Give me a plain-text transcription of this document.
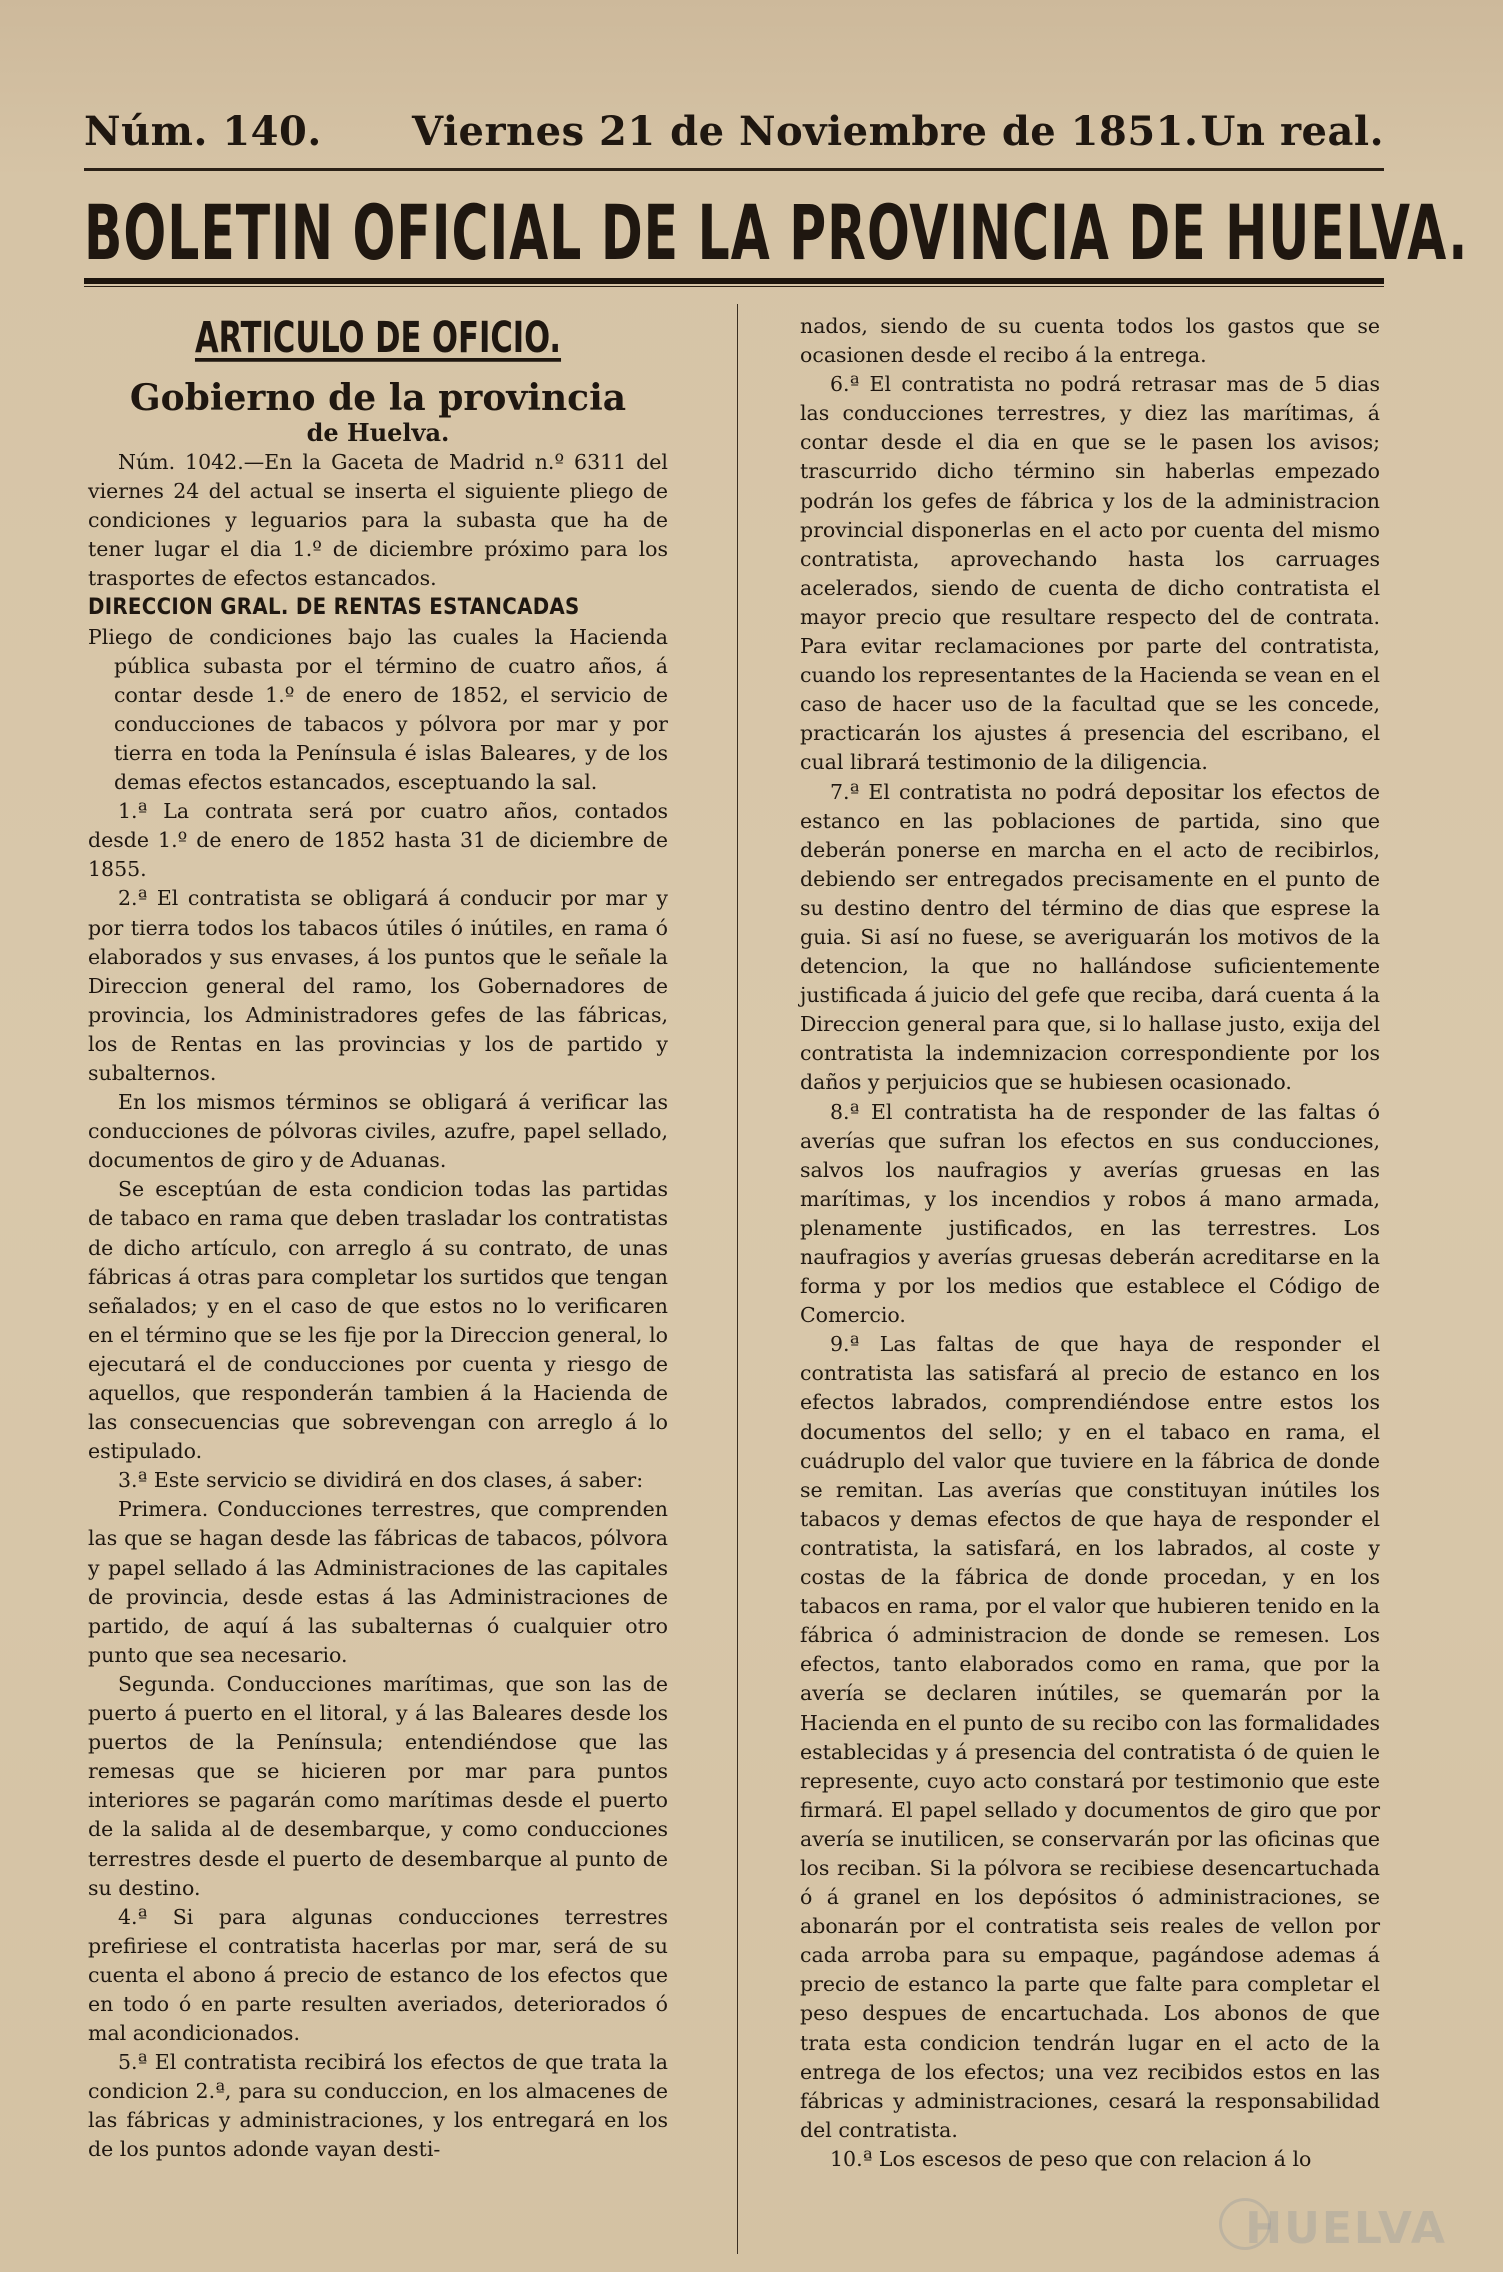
Núm. 140. Viernes 21 de Noviembre de 1851. Un real.
BOLETIN OFICIAL DE LA PROVINCIA DE HUELVA.

ARTICULO DE OFICIO.

Gobierno de la provincia

de Huelva.

Núm. 1042.—En la Gaceta de Madrid n.º 6311 del viernes 24 del actual se inserta el siguiente pliego de condiciones y leguarios para la subasta que ha de tener lugar el dia 1.º de diciembre próximo para los trasportes de efectos estancados.

DIRECCION GRAL. DE RENTAS ESTANCADAS

Pliego de condiciones bajo las cuales la Hacienda pública subasta por el término de cuatro años, á contar desde 1.º de enero de 1852, el servicio de conducciones de tabacos y pólvora por mar y por tierra en toda la Península é islas Baleares, y de los demas efectos estancados, esceptuando la sal.

1.ª La contrata será por cuatro años, contados desde 1.º de enero de 1852 hasta 31 de diciembre de 1855.

2.ª El contratista se obligará á conducir por mar y por tierra todos los tabacos útiles ó inútiles, en rama ó elaborados y sus envases, á los puntos que le señale la Direccion general del ramo, los Gobernadores de provincia, los Administradores gefes de las fábricas, los de Rentas en las provincias y los de partido y subalternos.

En los mismos términos se obligará á verificar las conducciones de pólvoras civiles, azufre, papel sellado, documentos de giro y de Aduanas.

Se esceptúan de esta condicion todas las partidas de tabaco en rama que deben trasladar los contratistas de dicho artículo, con arreglo á su contrato, de unas fábricas á otras para completar los surtidos que tengan señalados; y en el caso de que estos no lo verificaren en el término que se les fije por la Direccion general, lo ejecutará el de conducciones por cuenta y riesgo de aquellos, que responderán tambien á la Hacienda de las consecuencias que sobrevengan con arreglo á lo estipulado.

3.ª Este servicio se dividirá en dos clases, á saber:

Primera. Conducciones terrestres, que comprenden las que se hagan desde las fábricas de tabacos, pólvora y papel sellado á las Administraciones de las capitales de provincia, desde estas á las Administraciones de partido, de aquí á las subalternas ó cualquier otro punto que sea necesario.

Segunda. Conducciones marítimas, que son las de puerto á puerto en el litoral, y á las Baleares desde los puertos de la Península; entendiéndose que las remesas que se hicieren por mar para puntos interiores se pagarán como marítimas desde el puerto de la salida al de desembarque, y como conducciones terrestres desde el puerto de desembarque al punto de su destino.

4.ª Si para algunas conducciones terrestres prefiriese el contratista hacerlas por mar, será de su cuenta el abono á precio de estanco de los efectos que en todo ó en parte resulten averiados, deteriorados ó mal acondicionados.

5.ª El contratista recibirá los efectos de que trata la condicion 2.ª, para su conduccion, en los almacenes de las fábricas y administraciones, y los entregará en los de los puntos adonde vayan desti-

nados, siendo de su cuenta todos los gastos que se ocasionen desde el recibo á la entrega.

6.ª El contratista no podrá retrasar mas de 5 dias las conducciones terrestres, y diez las marítimas, á contar desde el dia en que se le pasen los avisos; trascurrido dicho término sin haberlas empezado podrán los gefes de fábrica y los de la administracion provincial disponerlas en el acto por cuenta del mismo contratista, aprovechando hasta los carruages acelerados, siendo de cuenta de dicho contratista el mayor precio que resultare respecto del de contrata. Para evitar reclamaciones por parte del contratista, cuando los representantes de la Hacienda se vean en el caso de hacer uso de la facultad que se les concede, practicarán los ajustes á presencia del escribano, el cual librará testimonio de la diligencia.

7.ª El contratista no podrá depositar los efectos de estanco en las poblaciones de partida, sino que deberán ponerse en marcha en el acto de recibirlos, debiendo ser entregados precisamente en el punto de su destino dentro del término de dias que esprese la guia. Si así no fuese, se averiguarán los motivos de la detencion, la que no hallándose suficientemente justificada á juicio del gefe que reciba, dará cuenta á la Direccion general para que, si lo hallase justo, exija del contratista la indemnizacion correspondiente por los daños y perjuicios que se hubiesen ocasionado.

8.ª El contratista ha de responder de las faltas ó averías que sufran los efectos en sus conducciones, salvos los naufragios y averías gruesas en las marítimas, y los incendios y robos á mano armada, plenamente justificados, en las terrestres. Los naufragios y averías gruesas deberán acreditarse en la forma y por los medios que establece el Código de Comercio.

9.ª Las faltas de que haya de responder el contratista las satisfará al precio de estanco en los efectos labrados, comprendiéndose entre estos los documentos del sello; y en el tabaco en rama, el cuádruplo del valor que tuviere en la fábrica de donde se remitan. Las averías que constituyan inútiles los tabacos y demas efectos de que haya de responder el contratista, la satisfará, en los labrados, al coste y costas de la fábrica de donde procedan, y en los tabacos en rama, por el valor que hubieren tenido en la fábrica ó administracion de donde se remesen. Los efectos, tanto elaborados como en rama, que por la avería se declaren inútiles, se quemarán por la Hacienda en el punto de su recibo con las formalidades establecidas y á presencia del contratista ó de quien le represente, cuyo acto constará por testimonio que este firmará. El papel sellado y documentos de giro que por avería se inutilicen, se conservarán por las oficinas que los reciban. Si la pólvora se recibiese desencartuchada ó á granel en los depósitos ó administraciones, se abonarán por el contratista seis reales de vellon por cada arroba para su empaque, pagándose ademas á precio de estanco la parte que falte para completar el peso despues de encartuchada. Los abonos de que trata esta condicion tendrán lugar en el acto de la entrega de los efectos; una vez recibidos estos en las fábricas y administraciones, cesará la responsabilidad del contratista.

10.ª Los escesos de peso que con relacion á lo

HUELVA
